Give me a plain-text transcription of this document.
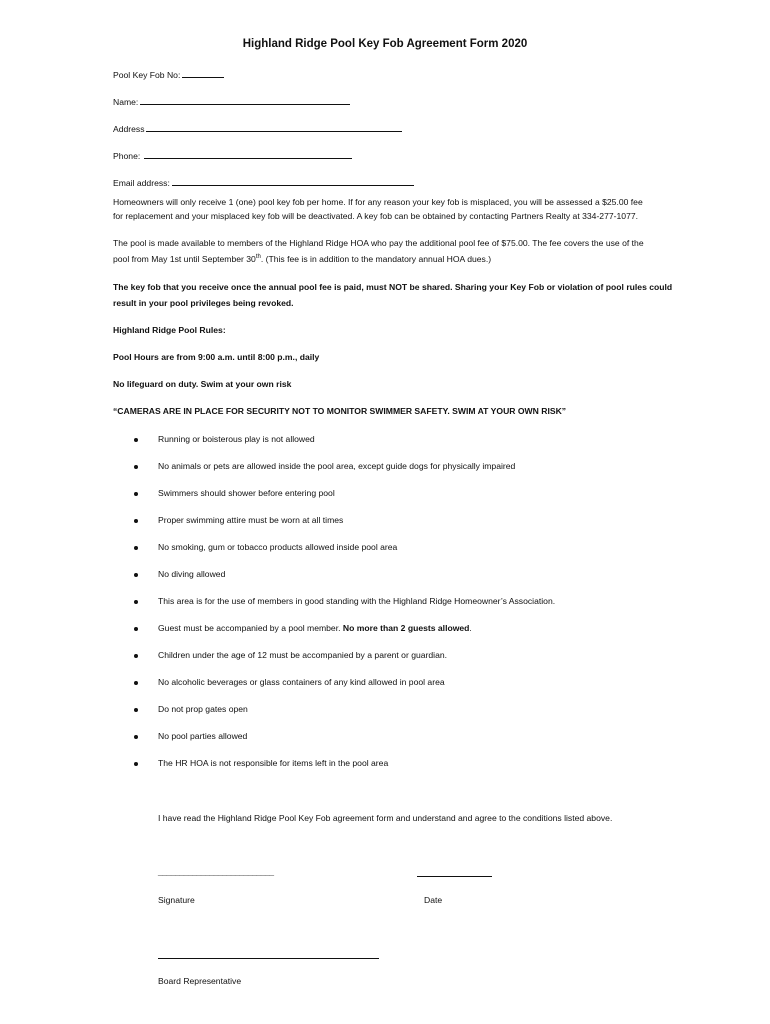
Highland Ridge Pool Key Fob Agreement Form 2020
Pool Key Fob No:
Name:
Address
Phone:
Email address:
Homeowners will only receive 1 (one) pool key fob per home. If for any reason your key fob is misplaced, you will be assessed a $25.00 fee
for replacement and your misplaced key fob will be deactivated. A key fob can be obtained by contacting Partners Realty at 334-277-1077.
The pool is made available to members of the Highland Ridge HOA who pay the additional pool fee of $75.00. The fee covers the use of the
pool from May 1st until September 30th. (This fee is in addition to the mandatory annual HOA dues.)
The key fob that you receive once the annual pool fee is paid, must NOT be shared. Sharing your Key Fob or violation of pool rules could
result in your pool privileges being revoked.
Highland Ridge Pool Rules:
Pool Hours are from 9:00 a.m. until 8:00 p.m., daily
No lifeguard on duty. Swim at your own risk
“CAMERAS ARE IN PLACE FOR SECURITY NOT TO MONITOR SWIMMER SAFETY. SWIM AT YOUR OWN RISK”
Running or boisterous play is not allowed
No animals or pets are allowed inside the pool area, except guide dogs for physically impaired
Swimmers should shower before entering pool
Proper swimming attire must be worn at all times
No smoking, gum or tobacco products allowed inside pool area
No diving allowed
This area is for the use of members in good standing with the Highland Ridge Homeowner’s Association.
Guest must be accompanied by a pool member. No more than 2 guests allowed.
Children under the age of 12 must be accompanied by a parent or guardian.
No alcoholic beverages or glass containers of any kind allowed in pool area
Do not prop gates open
No pool parties allowed
The HR HOA is not responsible for items left in the pool area
I have read the Highland Ridge Pool Key Fob agreement form and understand and agree to the conditions listed above.
___________________________
Signature	Date
Board Representative
